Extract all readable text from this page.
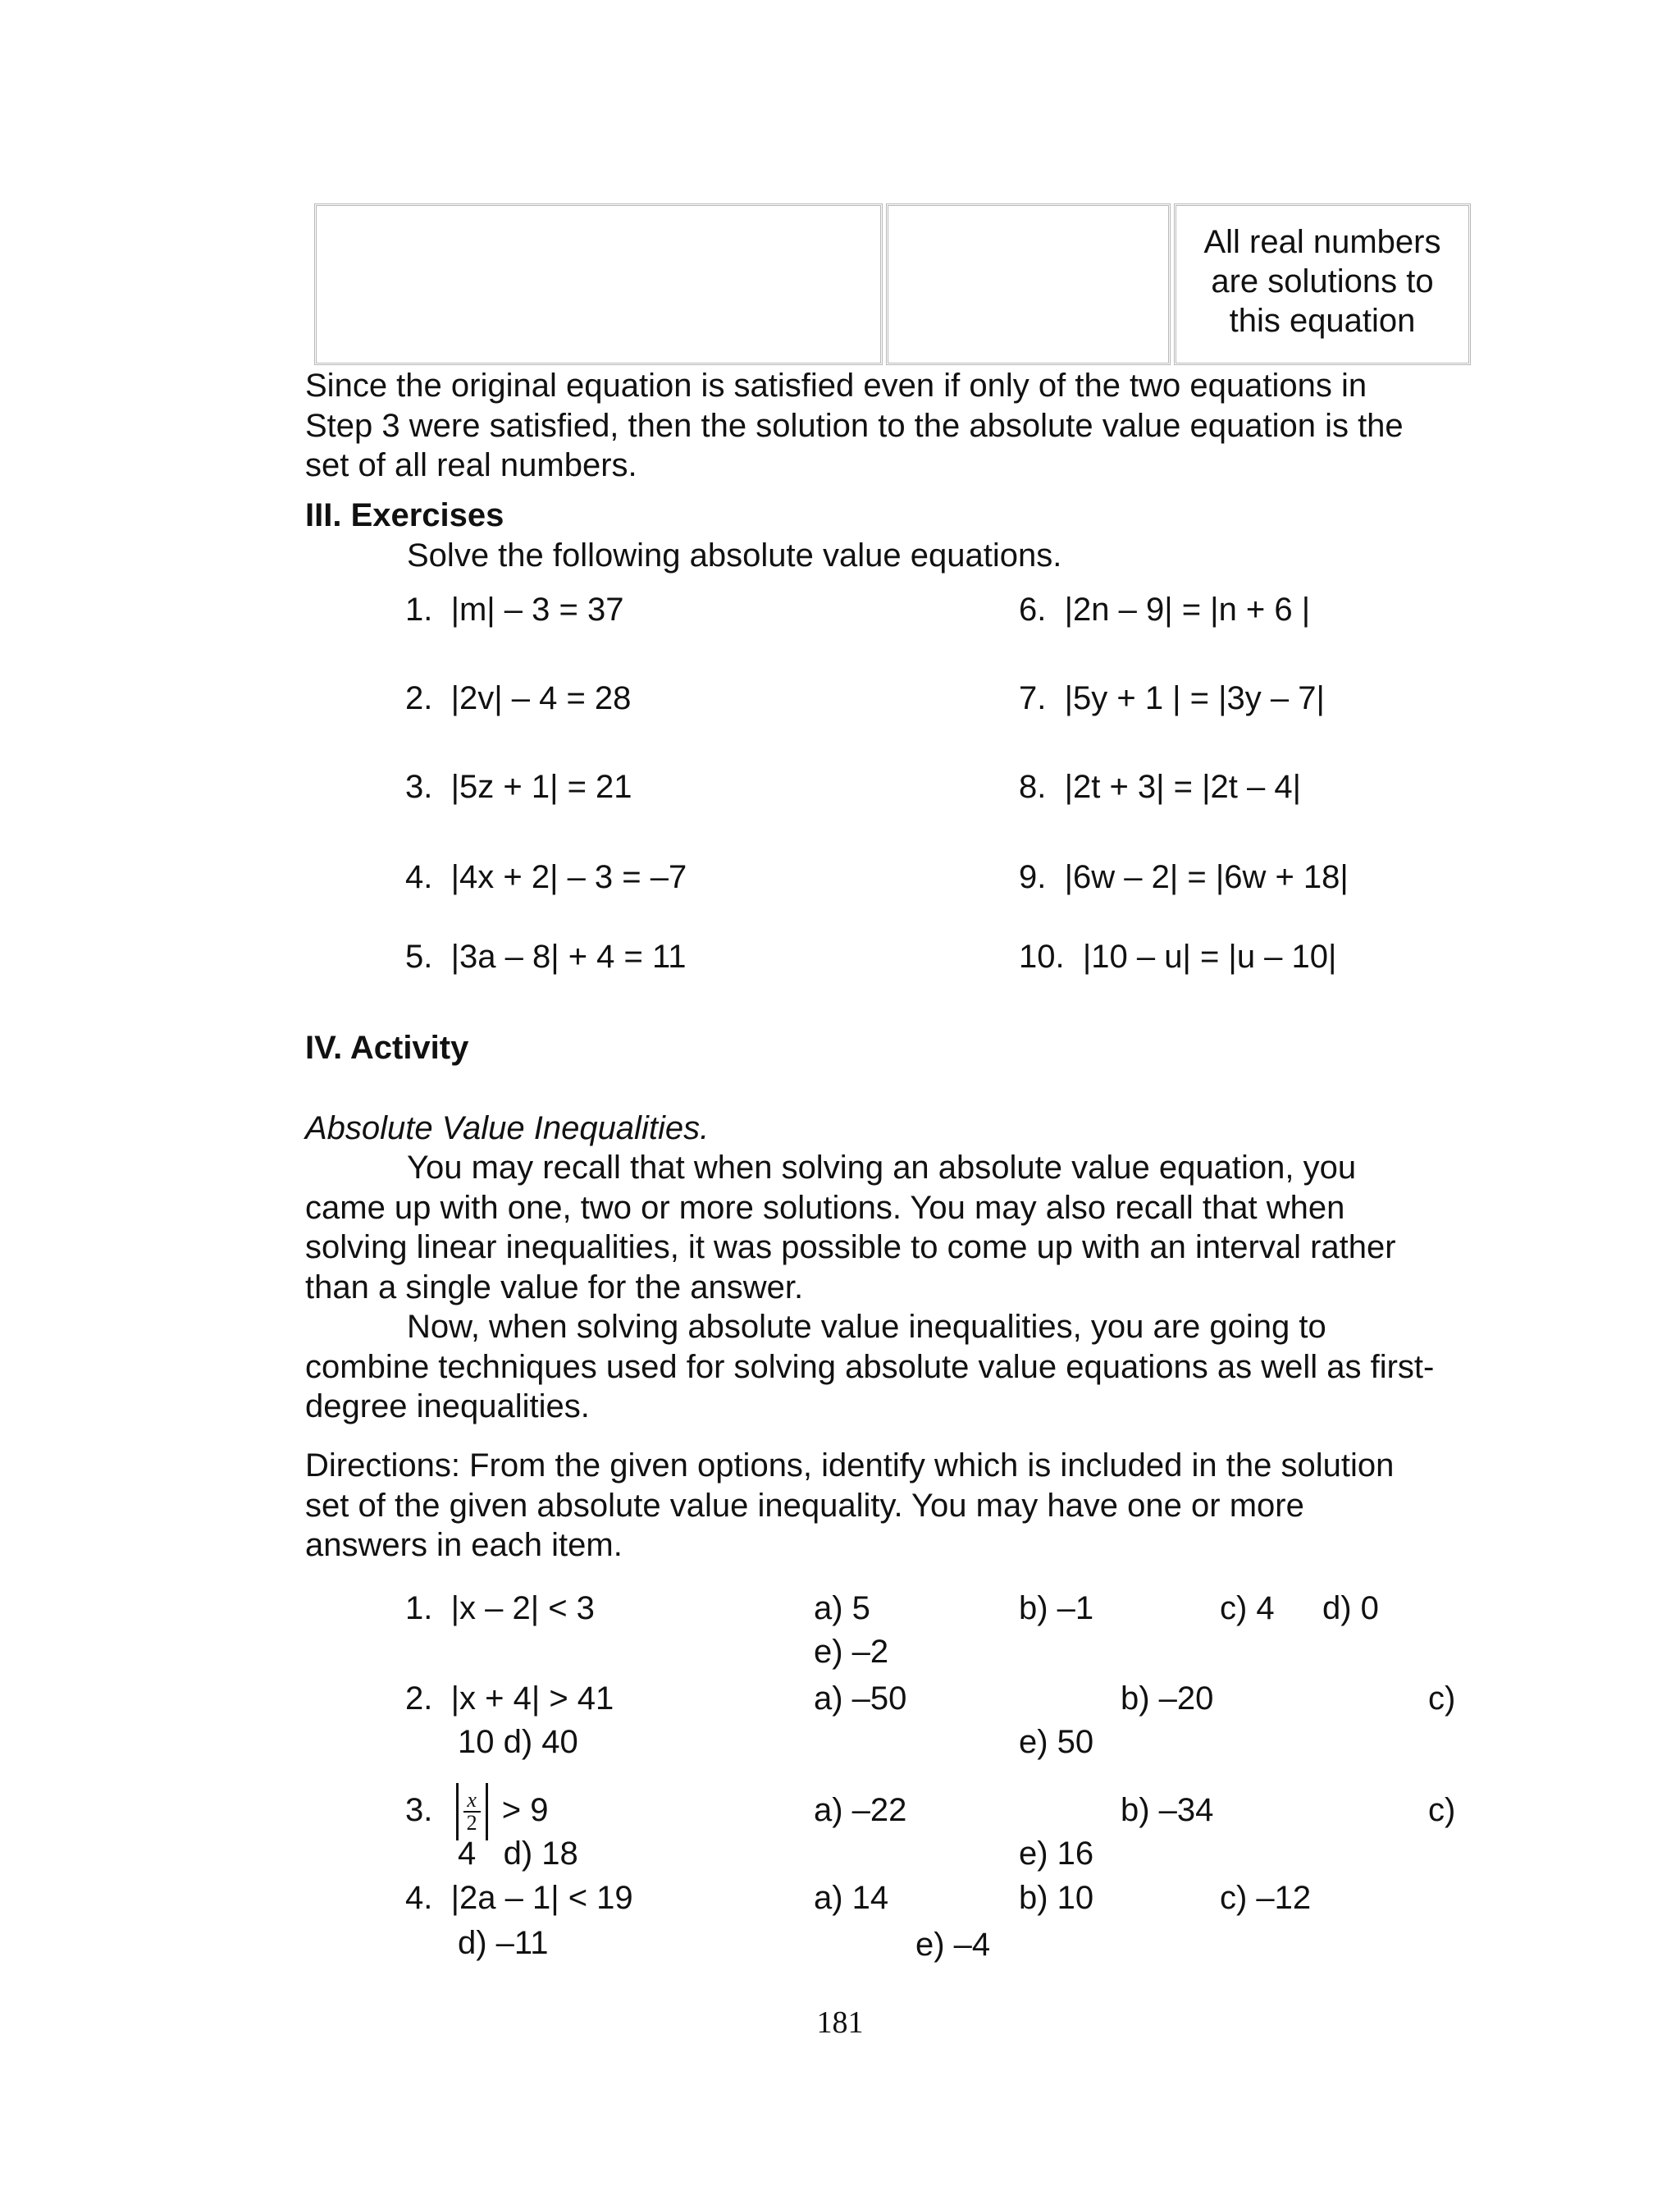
All real numbers
are solutions to
this equation
Since the original equation is satisfied even if only of the two equations in
Step 3 were satisfied, then the solution to the absolute value equation is the
set of all real numbers.
III. Exercises
Solve the following absolute value equations.
1. |m| – 3 = 37
2. |2v| – 4 = 28
3. |5z + 1| = 21
4. |4x + 2| – 3 = –7
5. |3a – 8| + 4 = 11
6. |2n – 9| = |n + 6 |
7. |5y + 1 | = |3y – 7|
8. |2t + 3| = |2t – 4|
9. |6w – 2| = |6w + 18|
10. |10 – u| = |u – 10|
IV. Activity
Absolute Value Inequalities.
You may recall that when solving an absolute value equation, you
came up with one, two or more solutions. You may also recall that when
solving linear inequalities, it was possible to come up with an interval rather
than a single value for the answer.
Now, when solving absolute value inequalities, you are going to
combine techniques used for solving absolute value equations as well as first-
degree inequalities.
Directions: From the given options, identify which is included in the solution
set of the given absolute value inequality. You may have one or more
answers in each item.
1. |x – 2| < 3	a) 5	b) –1	c) 4 d) 0
e) –2
2. |x + 4| > 41	a) –50	b) –20	c)
10 d) 40	e) 50
3. $\frac{x}{2} > 9$	a) –22	b) –34	c)
4 d) 18	e) 16
4. |2a – 1| < 19	a) 14	b) 10	c) –12
d) –11	e) –4
181
